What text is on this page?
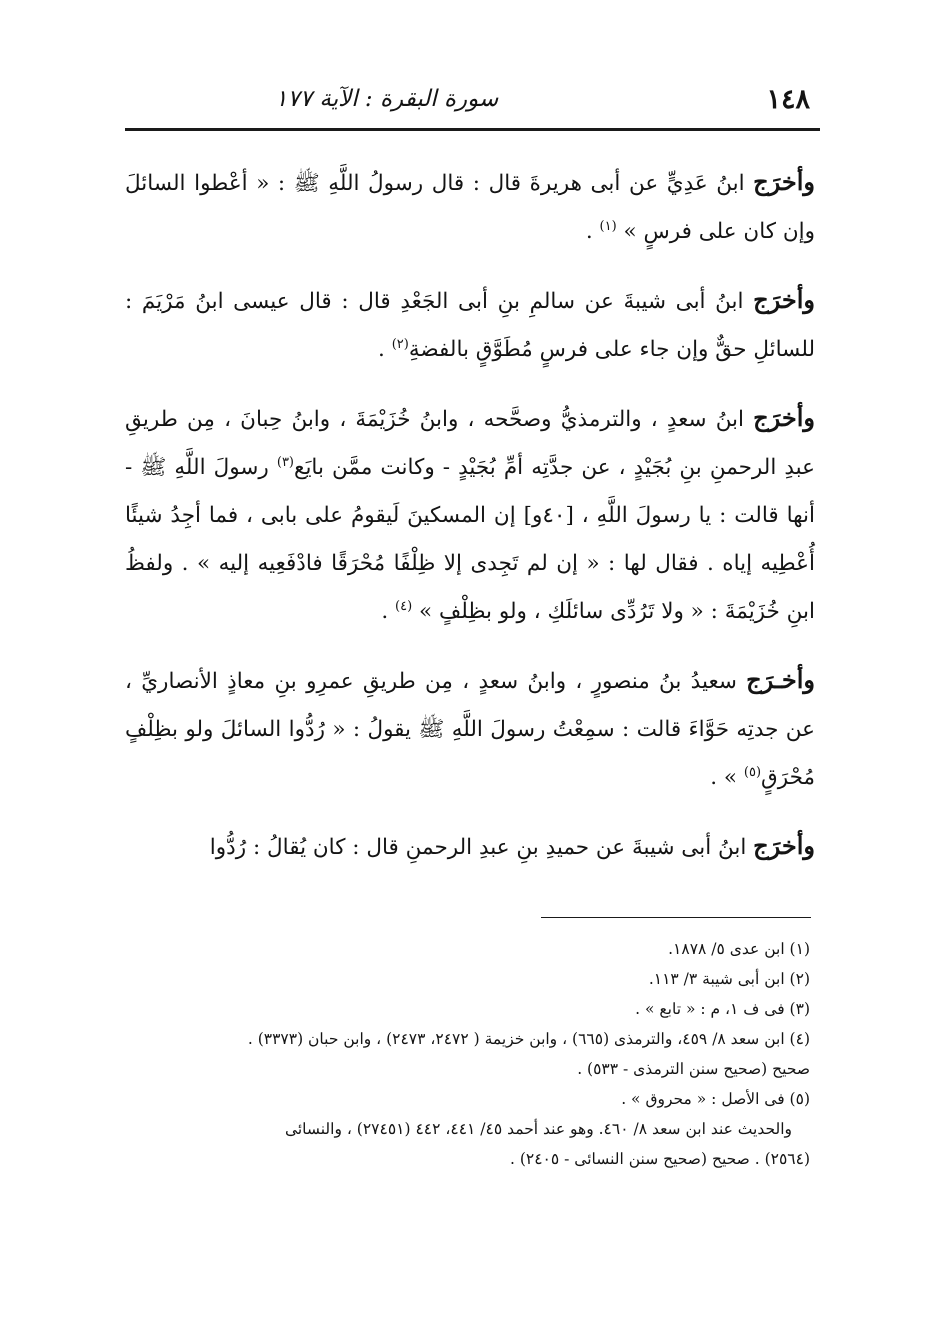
١٤٨
سورة البقرة : الآية ١٧٧

وأخرَج ابنُ عَدِيٍّ عن أبى هريرةَ قال : قال رسولُ اللَّهِ ﷺ : « أعْطوا السائلَ وإن كان على فرسٍ » $^{(١)}$ .

وأخرَج ابنُ أبى شيبةَ عن سالمِ بنِ أبى الجَعْدِ قال : قال عيسى ابنُ مَرْيَمَ : للسائلِ حقٌّ وإن جاء على فرسٍ مُطَوَّقٍ بالفضةِ$^{(٢)}$ .

وأخرَج ابنُ سعدٍ ، والترمذيُّ وصحَّحه ، وابنُ خُزَيْمَةَ ، وابنُ حِبانَ ، مِن طريقِ عبدِ الرحمنِ بنِ بُجَيْدٍ ، عن جدَّتِه أمِّ بُجَيْدٍ - وكانت ممَّن بايَع$^{(٣)}$ رسولَ اللَّهِ ﷺ - أنها قالت : يا رسولَ اللَّهِ ، [٤٠و] إن المسكينَ لَيقومُ على بابى ، فما أجِدُ شيئًا أُعْطِيه إياه . فقال لها : « إن لم تَجِدى إلا ظِلْفًا مُحْرَقًا فادْفَعِيه إليه » . ولفظُ ابنِ خُزَيْمَةَ : « ولا تَرُدِّى سائلَكِ ، ولو بظِلْفٍ » $^{(٤)}$ .

وأخـرَج سعيدُ بنُ منصورٍ ، وابنُ سعدٍ ، مِن طريقِ عمرِو بنِ معاذٍ الأنصاريِّ ، عن جدتِه حَوَّاءَ قالت : سمِعْتُ رسولَ اللَّهِ ﷺ يقولُ : « رُدُّوا السائلَ ولو بظِلْفٍ مُحْرَقٍ$^{(٥)}$ » .

وأخرَج ابنُ أبى شيبةَ عن حميدِ بنِ عبدِ الرحمنِ قال : كان يُقالُ : رُدُّوا

(١) ابن عدى ٥/ ١٨٧٨.

(٢) ابن أبى شيبة ٣/ ١١٣.

(٣) فى ف ١، م : « تابع » .

(٤) ابن سعد ٨/ ٤٥٩، والترمذى (٦٦٥) ، وابن خزيمة ( ٢٤٧٢، ٢٤٧٣) ، وابن حبان (٣٣٧٣) .

صحيح (صحيح سنن الترمذى - ٥٣٣) .

(٥) فى الأصل : « محروق » .

والحديث عند ابن سعد ٨/ ٤٦٠. وهو عند أحمد ٤٥/ ٤٤١، ٤٤٢ (٢٧٤٥١) ، والنسائى

(٢٥٦٤) . صحيح (صحيح سنن النسائى - ٢٤٠٥) .
